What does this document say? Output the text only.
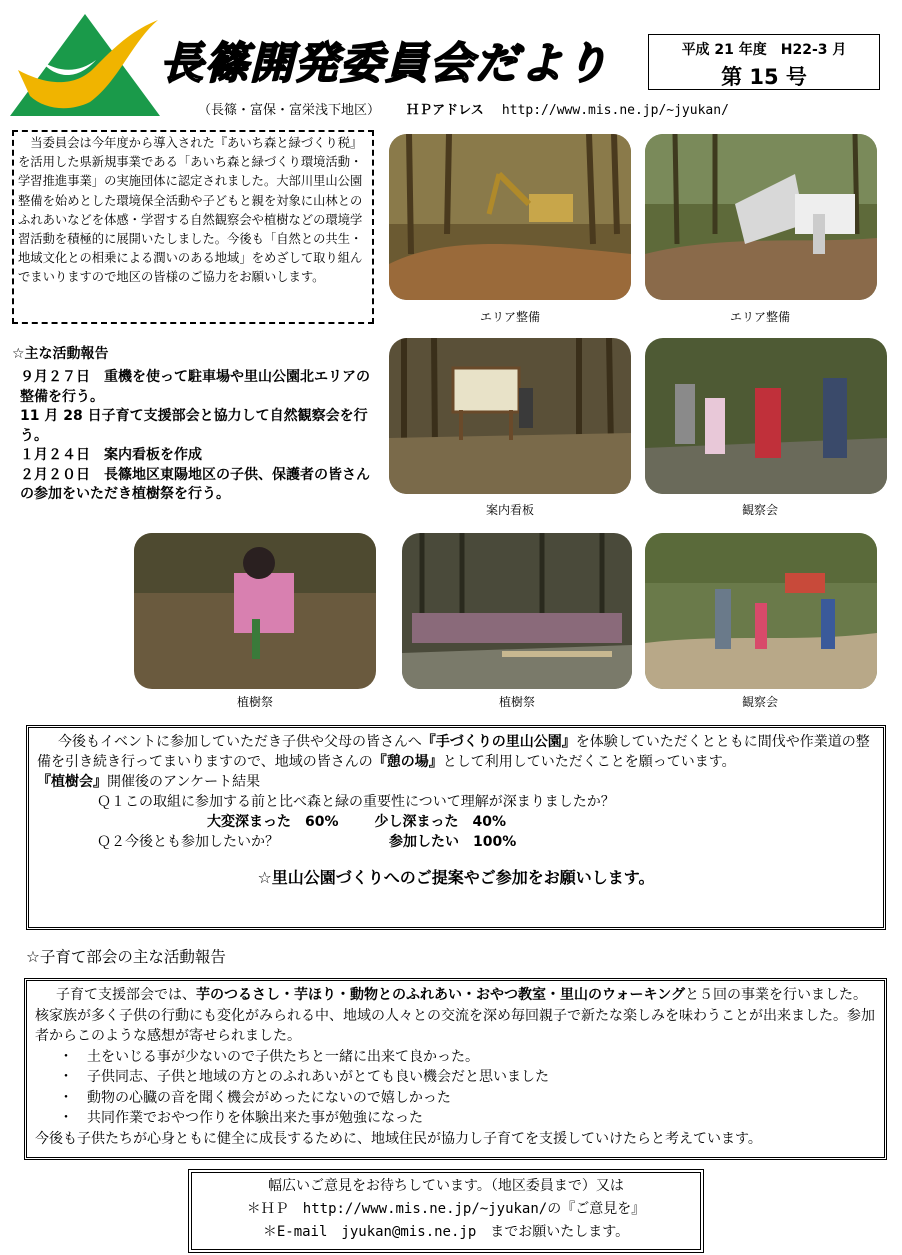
長篠開発委員会だより
（長篠・富保・富栄浅下地区） ＨＰアドレス http://www.mis.ne.jp/~jyukan/
平成 21 年度　H22-3 月
第 15 号
当委員会は今年度から導入された『あいち森と緑づくり税』を活用した県新規事業である「あいち森と緑づくり環境活動・学習推進事業」の実施団体に認定されました。大部川里山公園整備を始めとした環境保全活動や子どもと親を対象に山林とのふれあいなどを体感・学習する自然観察会や植樹などの環境学習活動を積極的に展開いたしました。今後も「自然との共生・地域文化との相乗による潤いのある地域」をめざして取り組んでまいりますので地区の皆様のご協力をお願いします。
☆主な活動報告
９月２７日　重機を使って駐車場や里山公園北エリアの整備を行う。
11 月 28 日子育て支援部会と協力して自然観察会を行う。
１月２４日　案内看板を作成
２月２０日　長篠地区東陽地区の子供、保護者の皆さんの参加をいただき植樹祭を行う。
エリア整備	エリア整備
案内看板	観察会
植樹祭	植樹祭	観察会

今後もイベントに参加していただき子供や父母の皆さんへ『手づくりの里山公園』を体験していただくとともに間伐や作業道の整備を引き続き行ってまいりますので、地域の皆さんの『憩の場』として利用していただくことを願っています。

『植樹会』開催後のアンケート結果

Ｑ１この取組に参加する前と比べ森と緑の重要性について理解が深まりましたか？

大変深まった　60%	少し深まった　40%

Ｑ２今後とも参加したいか？	参加したい　100%

☆里山公園づくりへのご提案やご参加をお願いします。

☆子育て部会の主な活動報告

子育て支援部会では、芋のつるさし・芋ほり・動物とのふれあい・おやつ教室・里山のウォーキングと５回の事業を行いました。核家族が多く子供の行動にも変化がみられる中、地域の人々との交流を深め毎回親子で新たな楽しみを味わうことが出来ました。参加者からこのような感想が寄せられました。

・　土をいじる事が少ないので子供たちと一緒に出来て良かった。

・　子供同志、子供と地域の方とのふれあいがとても良い機会だと思いました

・　動物の心臓の音を聞く機会がめったにないので嬉しかった

・　共同作業でおやつ作りを体験出来た事が勉強になった

今後も子供たちが心身ともに健全に成長するために、地域住民が協力し子育てを支援していけたらと考えています。

幅広いご意見をお待ちしています。（地区委員まで）又は
＊ＨＰ　http://www.mis.ne.jp/~jyukan/の『ご意見を』
＊E-mail　jyukan@mis.ne.jp　までお願いたします。
